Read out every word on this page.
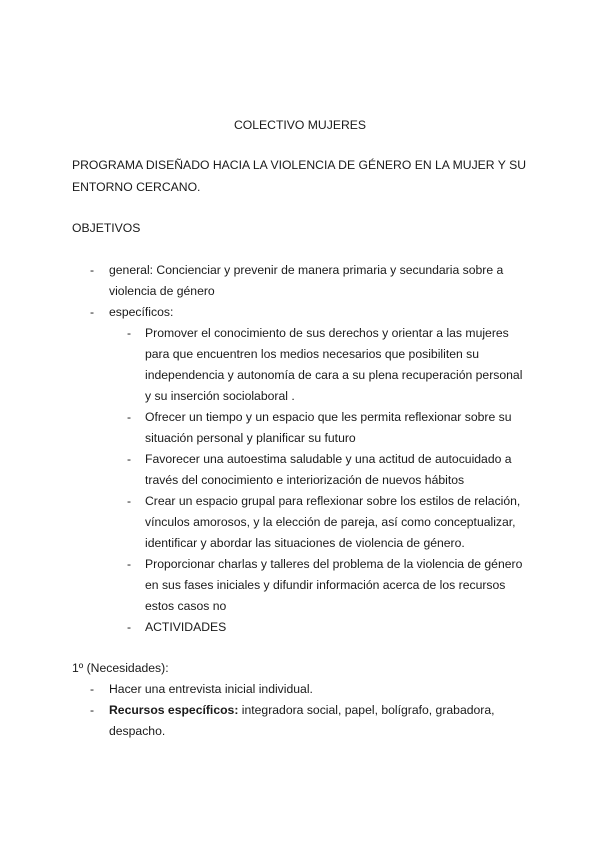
COLECTIVO MUJERES
PROGRAMA DISEÑADO HACIA LA VIOLENCIA DE GÉNERO EN LA MUJER Y SU
ENTORNO CERCANO.
OBJETIVOS
- general: Concienciar y prevenir de manera primaria y secundaria sobre a
violencia de género
- específicos:
- Promover el conocimiento de sus derechos y orientar a las mujeres
para que encuentren los medios necesarios que posibiliten su
independencia y autonomía de cara a su plena recuperación personal
y su inserción sociolaboral .
- Ofrecer un tiempo y un espacio que les permita reflexionar sobre su
situación personal y planificar su futuro
- Favorecer una autoestima saludable y una actitud de autocuidado a
través del conocimiento e interiorización de nuevos hábitos
- Crear un espacio grupal para reflexionar sobre los estilos de relación,
vínculos amorosos, y la elección de pareja, así como conceptualizar,
identificar y abordar las situaciones de violencia de género.
- Proporcionar charlas y talleres del problema de la violencia de género
en sus fases iniciales y difundir información acerca de los recursos
estos casos no
- ACTIVIDADES
1º (Necesidades):
- Hacer una entrevista inicial individual.
- Recursos específicos: integradora social, papel, bolígrafo, grabadora,
despacho.
